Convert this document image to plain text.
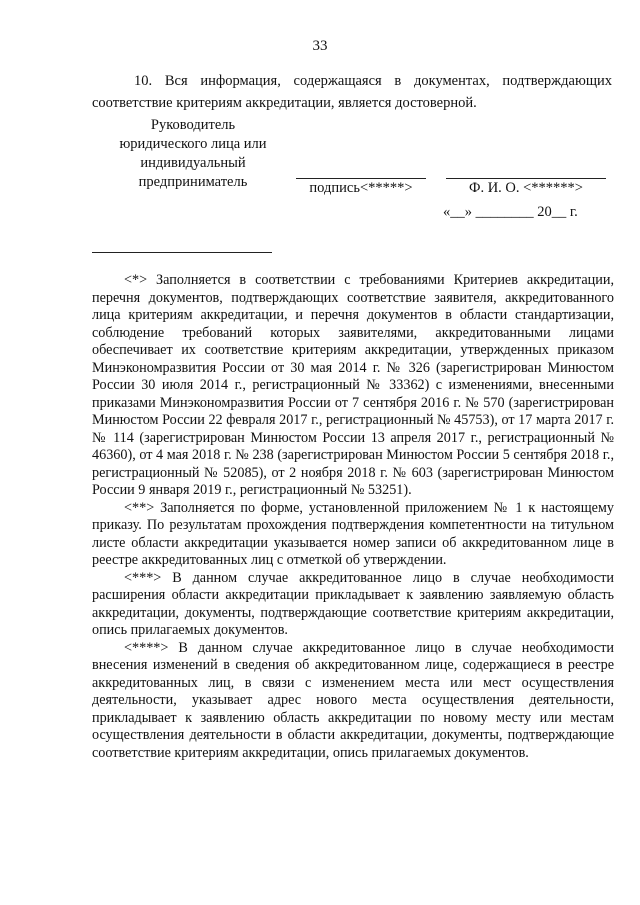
33
10. Вся информация, содержащаяся в документах, подтверждающих соответствие критериям аккредитации, является достоверной.
Руководитель
юридического лица или
индивидуальный
предприниматель	подпись<*****>	Ф. И. О. <******>
«__» ________ 20__ г.

<*> Заполняется в соответствии с требованиями Критериев аккредитации, перечня документов, подтверждающих соответствие заявителя, аккредитованного лица критериям аккредитации, и перечня документов в области стандартизации, соблюдение требований которых заявителями, аккредитованными лицами обеспечивает их соответствие критериям аккредитации, утвержденных приказом Минэкономразвития России от 30 мая 2014 г. № 326 (зарегистрирован Минюстом России 30 июля 2014 г., регистрационный № 33362) с изменениями, внесенными приказами Минэкономразвития России от 7 сентября 2016 г. № 570 (зарегистрирован Минюстом России 22 февраля 2017 г., регистрационный № 45753), от 17 марта 2017 г. № 114 (зарегистрирован Минюстом России 13 апреля 2017 г., регистрационный № 46360), от 4 мая 2018 г. № 238 (зарегистрирован Минюстом России 5 сентября 2018 г., регистрационный № 52085), от 2 ноября 2018 г. № 603 (зарегистрирован Минюстом России 9 января 2019 г., регистрационный № 53251).

<**> Заполняется по форме, установленной приложением № 1 к настоящему приказу. По результатам прохождения подтверждения компетентности на титульном листе области аккредитации указывается номер записи об аккредитованном лице в реестре аккредитованных лиц с отметкой об утверждении.

<***> В данном случае аккредитованное лицо в случае необходимости расширения области аккредитации прикладывает к заявлению заявляемую область аккредитации, документы, подтверждающие соответствие критериям аккредитации, опись прилагаемых документов.

<****> В данном случае аккредитованное лицо в случае необходимости внесения изменений в сведения об аккредитованном лице, содержащиеся в реестре аккредитованных лиц, в связи с изменением места или мест осуществления деятельности, указывает адрес нового места осуществления деятельности, прикладывает к заявлению область аккредитации по новому месту или местам осуществления деятельности в области аккредитации, документы, подтверждающие соответствие критериям аккредитации, опись прилагаемых документов.
